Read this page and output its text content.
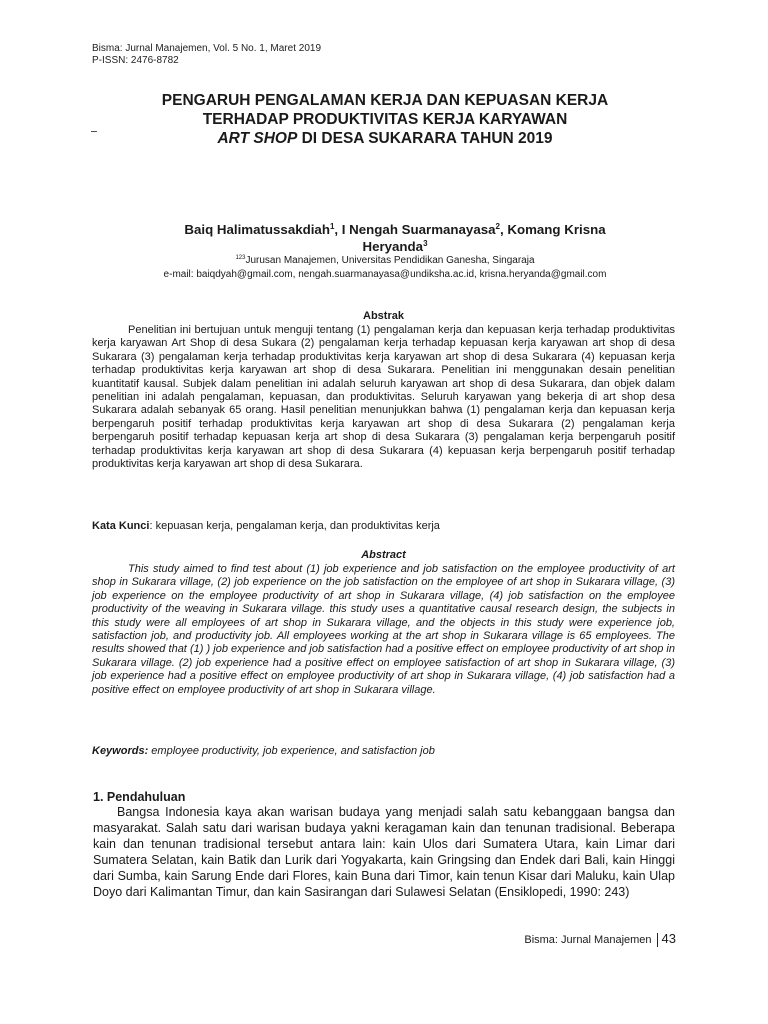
Bisma: Jurnal Manajemen, Vol. 5 No. 1, Maret 2019
P-ISSN: 2476-8782
PENGARUH PENGALAMAN KERJA DAN KEPUASAN KERJA
TERHADAP PRODUKTIVITAS KERJA KARYAWAN
ART SHOP DI DESA SUKARARA TAHUN 2019
Baiq Halimatussakdiah$^1$, I Nengah Suarmanayasa$^2$, Komang Krisna
Heryanda$^3$
$^{123}$Jurusan Manajemen, Universitas Pendidikan Ganesha, Singaraja
e-mail: baiqdyah@gmail.com, nengah.suarmanayasa@undiksha.ac.id, krisna.heryanda@gmail.com
Abstrak

Penelitian ini bertujuan untuk menguji tentang (1) pengalaman kerja dan kepuasan kerja terhadap produktivitas kerja karyawan Art Shop di desa Sukara (2) pengalaman kerja terhadap kepuasan kerja karyawan art shop di desa Sukarara (3) pengalaman kerja terhadap produktivitas kerja karyawan art shop di desa Sukarara (4) kepuasan kerja terhadap produktivitas kerja karyawan art shop di desa Sukarara. Penelitian ini menggunakan desain penelitian kuantitatif kausal. Subjek dalam penelitian ini adalah seluruh karyawan art shop di desa Sukarara, dan objek dalam penelitian ini adalah pengalaman, kepuasan, dan produktivitas. Seluruh karyawan yang bekerja di art shop desa Sukarara adalah sebanyak 65 orang. Hasil penelitian menunjukkan bahwa (1) pengalaman kerja dan kepuasan kerja berpengaruh positif terhadap produktivitas kerja karyawan art shop di desa Sukarara (2) pengalaman kerja berpengaruh positif terhadap kepuasan kerja art shop di desa Sukarara (3) pengalaman kerja berpengaruh positif terhadap produktivitas kerja karyawan art shop di desa Sukarara (4) kepuasan kerja berpengaruh positif terhadap produktivitas kerja karyawan art shop di desa Sukarara.

Kata Kunci: kepuasan kerja, pengalaman kerja, dan produktivitas kerja
Abstract

This study aimed to find test about (1) job experience and job satisfaction on the employee productivity of art shop in Sukarara village, (2) job experience on the job satisfaction on the employee of art shop in Sukarara village, (3) job experience on the employee productivity of art shop in Sukarara village, (4) job satisfaction on the employee productivity of the weaving in Sukarara village. this study uses a quantitative causal research design, the subjects in this study were all employees of art shop in Sukarara village, and the objects in this study were experience job, satisfaction job, and productivity job. All employees working at the art shop in Sukarara village is 65 employees. The results showed that (1) ) job experience and job satisfaction had a positive effect on employee productivity of art shop in Sukarara village. (2) job experience had a positive effect on employee satisfaction of art shop in Sukarara village, (3) job experience had a positive effect on employee productivity of art shop in Sukarara village, (4) job satisfaction had a positive effect on employee productivity of art shop in Sukarara village.

Keywords: employee productivity, job experience, and satisfaction job
1. Pendahuluan

Bangsa Indonesia kaya akan warisan budaya yang menjadi salah satu kebanggaan bangsa dan masyarakat. Salah satu dari warisan budaya yakni keragaman kain dan tenunan tradisional. Beberapa kain dan tenunan tradisional tersebut antara lain: kain Ulos dari Sumatera Utara, kain Limar dari Sumatera Selatan, kain Batik dan Lurik dari Yogyakarta, kain Gringsing dan Endek dari Bali, kain Hinggi dari Sumba, kain Sarung Ende dari Flores, kain Buna dari Timor, kain tenun Kisar dari Maluku, kain Ulap Doyo dari Kalimantan Timur, dan kain Sasirangan dari Sulawesi Selatan (Ensiklopedi, 1990: 243)

Bisma: Jurnal Manajemen 43
